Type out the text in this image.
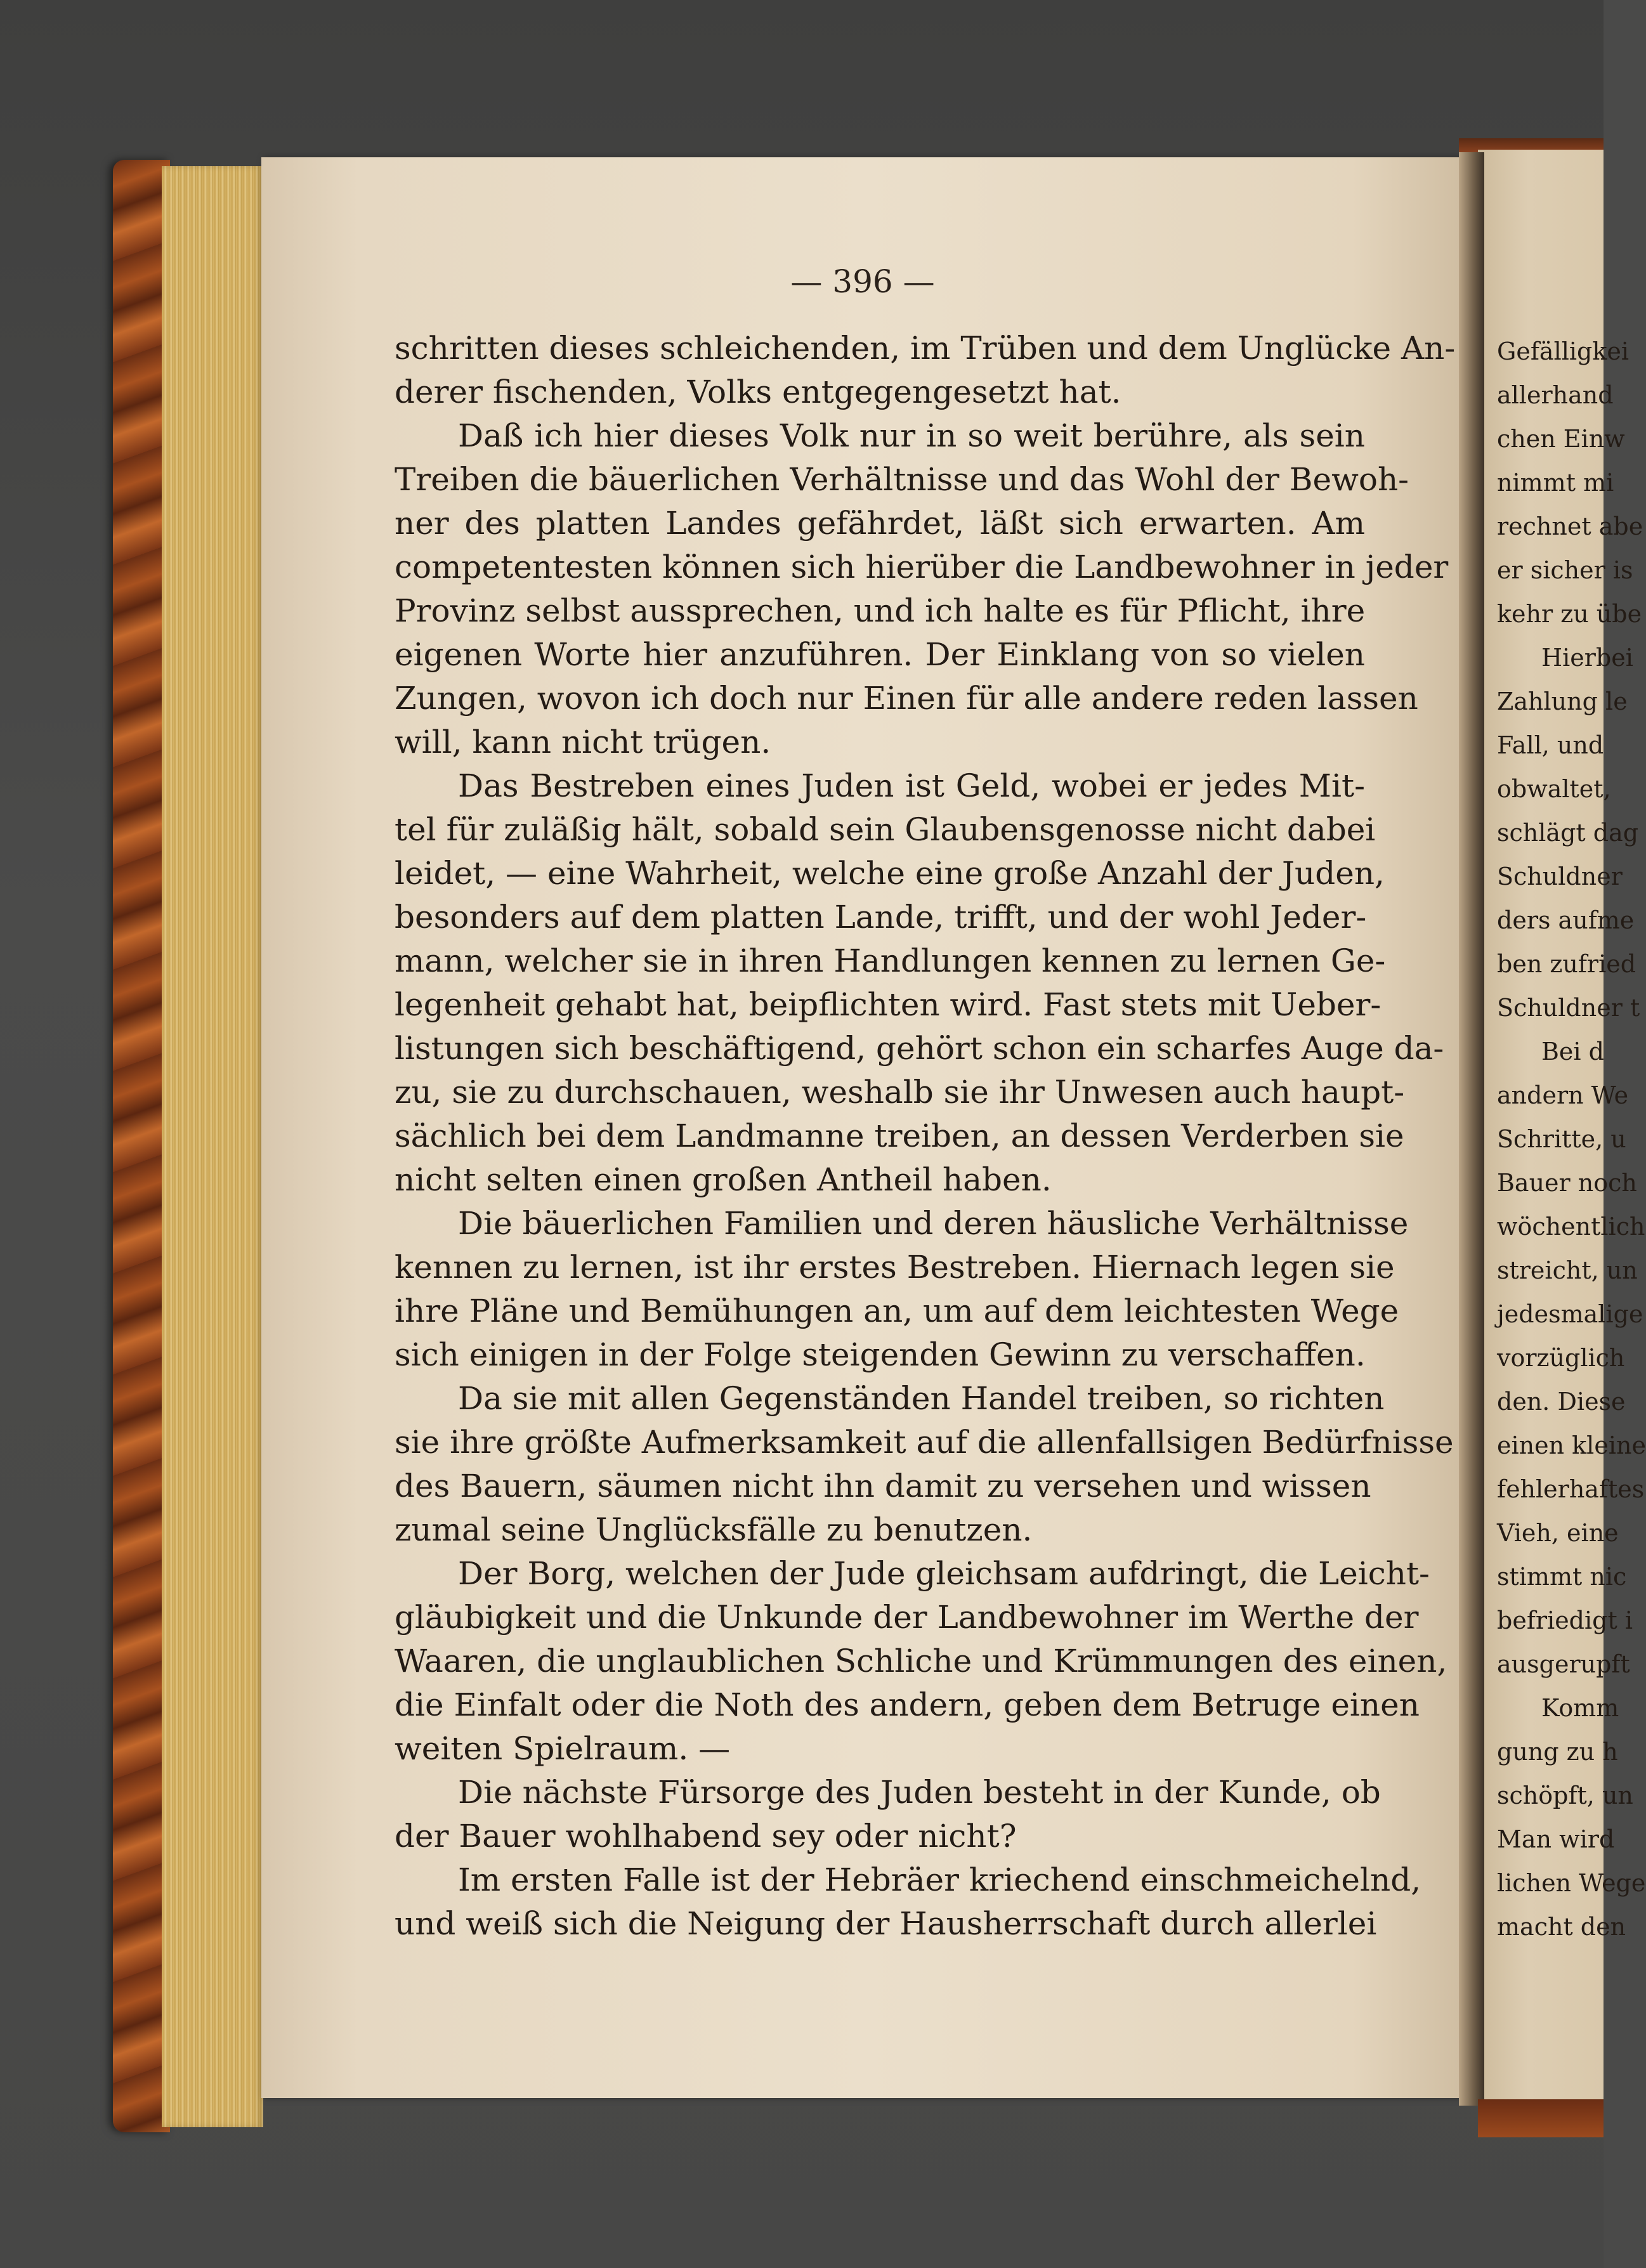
— 396 —
schritten dieses schleichenden, im Trüben und dem Unglücke An-
derer fischenden, Volks entgegengesetzt hat.
Daß ich hier dieses Volk nur in so weit berühre, als sein
Treiben die bäuerlichen Verhältnisse und das Wohl der Bewoh-
ner des platten Landes gefährdet, läßt sich erwarten. Am
competentesten können sich hierüber die Landbewohner in jeder
Provinz selbst aussprechen, und ich halte es für Pflicht, ihre
eigenen Worte hier anzuführen. Der Einklang von so vielen
Zungen, wovon ich doch nur Einen für alle andere reden lassen
will, kann nicht trügen.
Das Bestreben eines Juden ist Geld, wobei er jedes Mit-
tel für zuläßig hält, sobald sein Glaubensgenosse nicht dabei
leidet, — eine Wahrheit, welche eine große Anzahl der Juden,
besonders auf dem platten Lande, trifft, und der wohl Jeder-
mann, welcher sie in ihren Handlungen kennen zu lernen Ge-
legenheit gehabt hat, beipflichten wird. Fast stets mit Ueber-
listungen sich beschäftigend, gehört schon ein scharfes Auge da-
zu, sie zu durchschauen, weshalb sie ihr Unwesen auch haupt-
sächlich bei dem Landmanne treiben, an dessen Verderben sie
nicht selten einen großen Antheil haben.
Die bäuerlichen Familien und deren häusliche Verhältnisse
kennen zu lernen, ist ihr erstes Bestreben. Hiernach legen sie
ihre Pläne und Bemühungen an, um auf dem leichtesten Wege
sich einigen in der Folge steigenden Gewinn zu verschaffen.
Da sie mit allen Gegenständen Handel treiben, so richten
sie ihre größte Aufmerksamkeit auf die allenfallsigen Bedürfnisse
des Bauern, säumen nicht ihn damit zu versehen und wissen
zumal seine Unglücksfälle zu benutzen.
Der Borg, welchen der Jude gleichsam aufdringt, die Leicht-
gläubigkeit und die Unkunde der Landbewohner im Werthe der
Waaren, die unglaublichen Schliche und Krümmungen des einen,
die Einfalt oder die Noth des andern, geben dem Betruge einen
weiten Spielraum. —
Die nächste Fürsorge des Juden besteht in der Kunde, ob
der Bauer wohlhabend sey oder nicht?
Im ersten Falle ist der Hebräer kriechend einschmeichelnd,
und weiß sich die Neigung der Hausherrschaft durch allerlei
Gefälligkei
allerhand
chen Einw
nimmt mi
rechnet abe
er sicher is
kehr zu übe
Hierbei
Zahlung le
Fall, und
obwaltet,
schlägt dag
Schuldner
ders aufme
ben zufried
Schuldner t
Bei d
andern We
Schritte, u
Bauer noch
wöchentlich
streicht, un
jedesmalige
vorzüglich
den. Diese
einen kleine
fehlerhaftes
Vieh, eine
stimmt nic
befriedigt i
ausgerupft
Komm
gung zu h
schöpft, un
Man wird
lichen Wege
macht den
